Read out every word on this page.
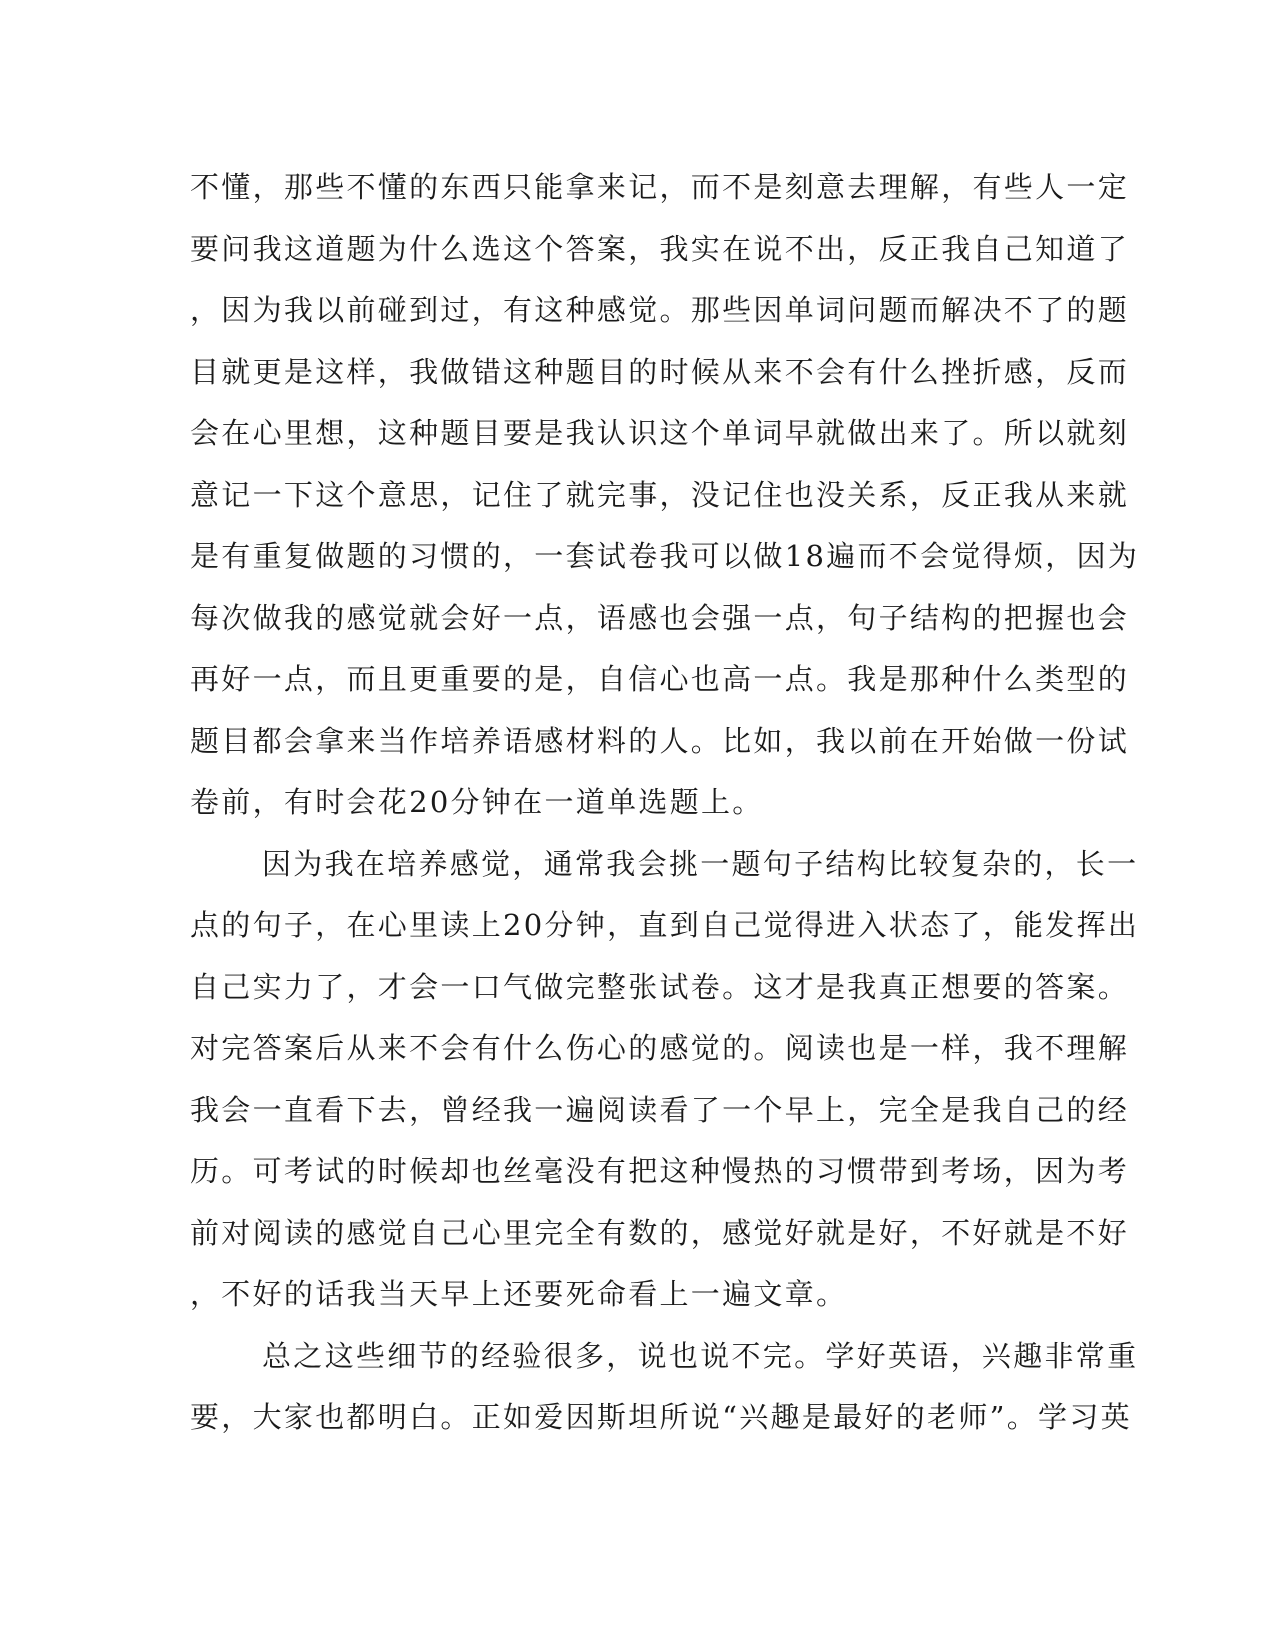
不懂，那些不懂的东西只能拿来记，而不是刻意去理解，有些人一定
要问我这道题为什么选这个答案，我实在说不出，反正我自己知道了
，因为我以前碰到过，有这种感觉。那些因单词问题而解决不了的题
目就更是这样，我做错这种题目的时候从来不会有什么挫折感，反而
会在心里想，这种题目要是我认识这个单词早就做出来了。所以就刻
意记一下这个意思，记住了就完事，没记住也没关系，反正我从来就
是有重复做题的习惯的，一套试卷我可以做18遍而不会觉得烦，因为
每次做我的感觉就会好一点，语感也会强一点，句子结构的把握也会
再好一点，而且更重要的是，自信心也高一点。我是那种什么类型的
题目都会拿来当作培养语感材料的人。比如，我以前在开始做一份试
卷前，有时会花20分钟在一道单选题上。
因为我在培养感觉，通常我会挑一题句子结构比较复杂的，长一
点的句子，在心里读上20分钟，直到自己觉得进入状态了，能发挥出
自己实力了，才会一口气做完整张试卷。这才是我真正想要的答案。
对完答案后从来不会有什么伤心的感觉的。阅读也是一样，我不理解
我会一直看下去，曾经我一遍阅读看了一个早上，完全是我自己的经
历。可考试的时候却也丝毫没有把这种慢热的习惯带到考场，因为考
前对阅读的感觉自己心里完全有数的，感觉好就是好，不好就是不好
，不好的话我当天早上还要死命看上一遍文章。
总之这些细节的经验很多，说也说不完。学好英语，兴趣非常重
要，大家也都明白。正如爱因斯坦所说“兴趣是最好的老师”。学习英
